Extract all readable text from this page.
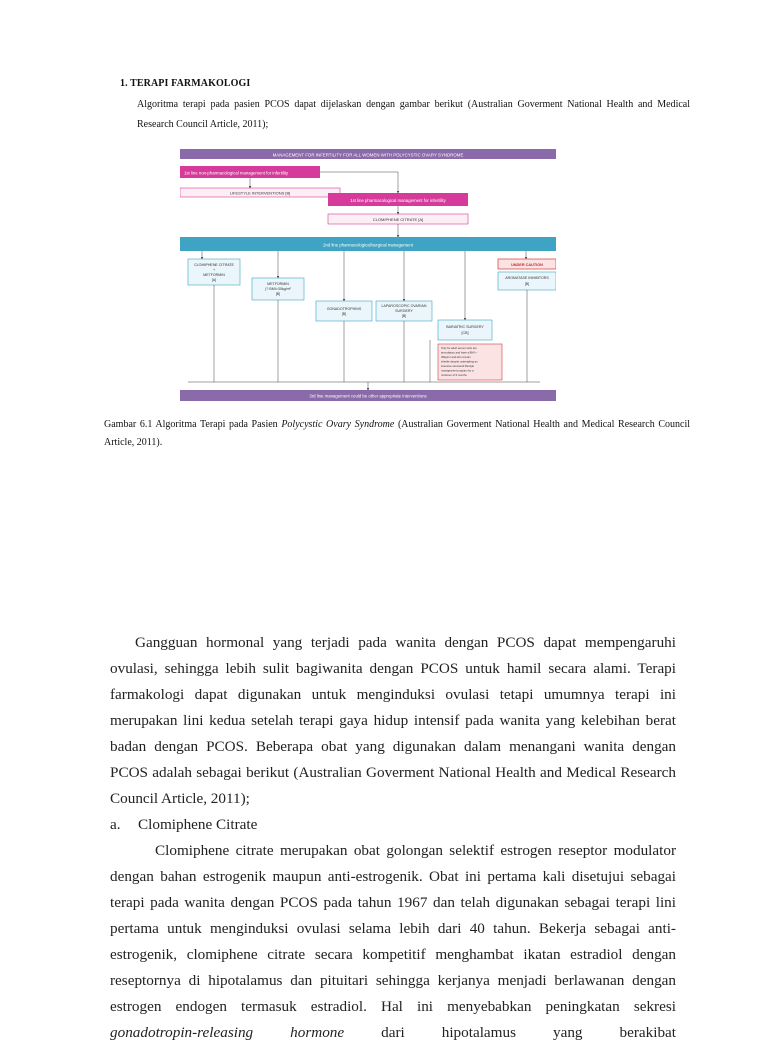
1. TERAPI FARMAKOLOGI
Algoritma terapi pada pasien PCOS dapat dijelaskan dengan gambar berikut (Australian Goverment National Health and Medical Research Council Article, 2011);
MANAGEMENT FOR INFERTILITY FOR ALL WOMEN WITH POLYCYSTIC OVARY SYNDROME
1st line non-pharmacological management for infertility
LIFESTYLE INTERVENTIONS [B]
1st line pharmacological management for infertility
CLOMIPHENE CITRATE [A]
2nd line pharmacological/surgical management
CLOMIPHENE CITRATE
+
METFORMIN
[A]
METFORMIN
(? BMI>30kg/m²
[B]
GONADOTROPHINS
[B]
LAPAROSCOPIC OVARIAN
SURGERY
[B]
BARIATRIC SURGERY
[CB]
Only for adult women who are
anovulatory and have a BMI >
35kg/m² and who remain
infertile despite undertaking an
intensive structured lifestyle
management program for a
minimum of 6 months
UNDER CAUTION
AROMATASE INHIBITORS
[B]
3rd line management could be other appropriate interventions
Gambar 6.1 Algoritma Terapi pada Pasien Polycystic Ovary Syndrome (Australian Goverment National Health and Medical Research Council Article, 2011).

Gangguan hormonal yang terjadi pada wanita dengan PCOS dapat mempengaruhi ovulasi, sehingga lebih sulit bagiwanita dengan PCOS untuk hamil secara alami. Terapi farmakologi dapat digunakan untuk menginduksi ovulasi tetapi umumnya terapi ini merupakan lini kedua setelah terapi gaya hidup intensif pada wanita yang kelebihan berat badan dengan PCOS. Beberapa obat yang digunakan dalam menangani wanita dengan PCOS adalah sebagai berikut (Australian Goverment National Health and Medical Research Council Article, 2011);

a. Clomiphene Citrate

Clomiphene citrate merupakan obat golongan selektif estrogen reseptor modulator dengan bahan estrogenik maupun anti-estrogenik. Obat ini pertama kali disetujui sebagai terapi pada wanita dengan PCOS pada tahun 1967 dan telah digunakan sebagai terapi lini pertama untuk menginduksi ovulasi selama lebih dari 40 tahun. Bekerja sebagai anti-estrogenik, clomiphene citrate secara kompetitif menghambat ikatan estradiol dengan reseptornya di hipotalamus dan pituitari sehingga kerjanya menjadi berlawanan dengan estrogen endogen termasuk estradiol. Hal ini menyebabkan peningkatan sekresi gonadotropin-releasing hormone dari hipotalamus yang berakibat
